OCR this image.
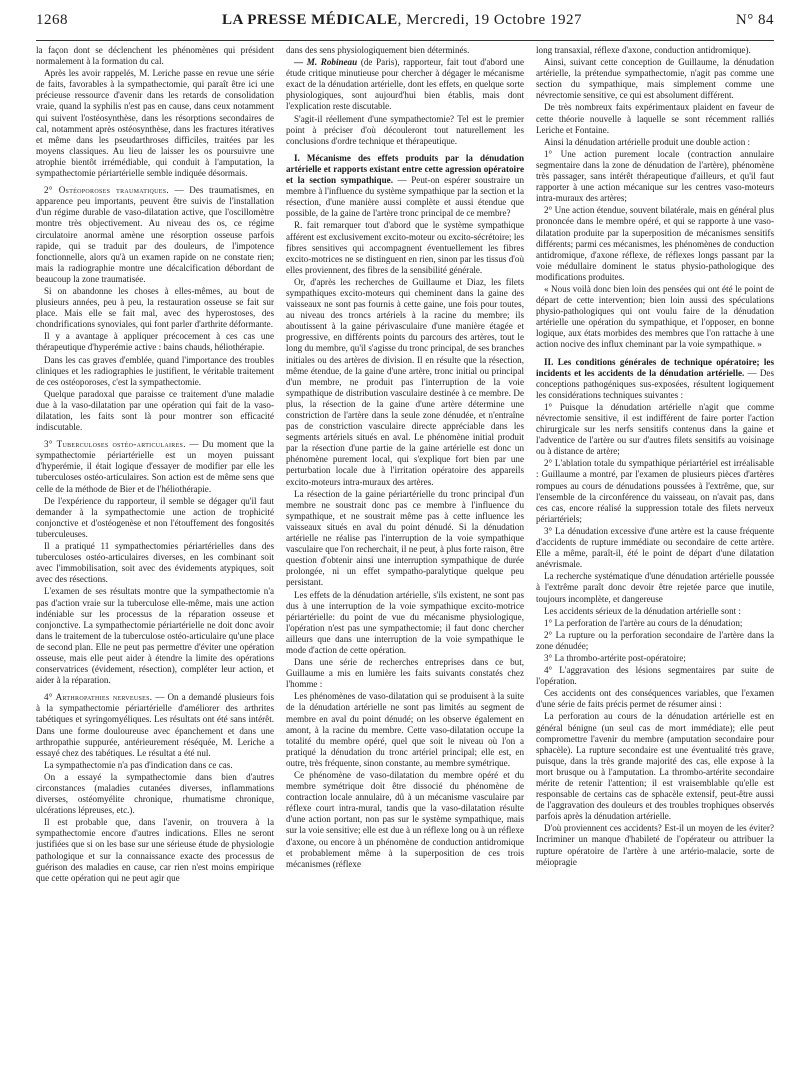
1268	LA PRESSE MÉDICALE, Mercredi, 19 Octobre 1927	N° 84

la façon dont se déclenchent les phénomènes qui président normalement à la formation du cal.

Après les avoir rappelés, M. Leriche passe en revue une série de faits, favorables à la sympathectomie, qui paraît être ici une précieuse ressource d'avenir dans les retards de consolidation vraie, quand la syphilis n'est pas en cause, dans ceux notamment qui suivent l'ostéosynthèse, dans les résorptions secondaires de cal, notamment après ostéosynthèse, dans les fractures itératives et même dans les pseudarthroses difficiles, traitées par les moyens classiques. Au lieu de laisser les os poursuivre une atrophie bientôt irrémédiable, qui conduit à l'amputation, la sympathectomie périartérielle semble indiquée désormais.

2° Ostéoporoses traumatiques. — Des traumatismes, en apparence peu importants, peuvent être suivis de l'installation d'un régime durable de vaso-dilatation active, que l'oscillomètre montre très objectivement. Au niveau des os, ce régime circulatoire anormal amène une résorption osseuse parfois rapide, qui se traduit par des douleurs, de l'impotence fonctionnelle, alors qu'à un examen rapide on ne constate rien; mais la radiographie montre une décalcification débordant de beaucoup la zone traumatisée.

Si on abandonne les choses à elles-mêmes, au bout de plusieurs années, peu à peu, la restauration osseuse se fait sur place. Mais elle se fait mal, avec des hyperostoses, des chondrifications synoviales, qui font parler d'arthrite déformante.

Il y a avantage à appliquer précocement à ces cas une thérapeutique d'hyperémie active : bains chauds, héliothérapie.

Dans les cas graves d'emblée, quand l'importance des troubles cliniques et les radiographies le justifient, le véritable traitement de ces ostéoporoses, c'est la sympathectomie.

Quelque paradoxal que paraisse ce traitement d'une maladie due à la vaso-dilatation par une opération qui fait de la vaso-dilatation, les faits sont là pour montrer son efficacité indiscutable.

3° Tuberculoses ostéo-articulaires. — Du moment que la sympathectomie périartérielle est un moyen puissant d'hyperémie, il était logique d'essayer de modifier par elle les tuberculoses ostéo-articulaires. Son action est de même sens que celle de la méthode de Bier et de l'héliothérapie.

De l'expérience du rapporteur, il semble se dégager qu'il faut demander à la sympathectomie une action de trophicité conjonctive et d'ostéogenèse et non l'étouffement des fongosités tuberculeuses.

Il a pratiqué 11 sympathectomies périartérielles dans des tuberculoses ostéo-articulaires diverses, en les combinant soit avec l'immobilisation, soit avec des évidements atypiques, soit avec des résections.

L'examen de ses résultats montre que la sympathectomie n'a pas d'action vraie sur la tuberculose elle-même, mais une action indéniable sur les processus de la réparation osseuse et conjonctive. La sympathectomie périartérielle ne doit donc avoir dans le traitement de la tuberculose ostéo-articulaire qu'une place de second plan. Elle ne peut pas permettre d'éviter une opération osseuse, mais elle peut aider à étendre la limite des opérations conservatrices (évidement, résection), compléter leur action, et aider à la réparation.

4° Arthropathies nerveuses. — On a demandé plusieurs fois à la sympathectomie périartérielle d'améliorer des arthrites tabétiques et syringomyéliques. Les résultats ont été sans intérêt. Dans une forme douloureuse avec épanchement et dans une arthropathie suppurée, antérieurement réséquée, M. Leriche a essayé chez des tabétiques. Le résultat a été nul.

La sympathectomie n'a pas d'indication dans ce cas.

On a essayé la sympathectomie dans bien d'autres circonstances (maladies cutanées diverses, inflammations diverses, ostéomyélite chronique, rhumatisme chronique, ulcérations lépreuses, etc.).

Il est probable que, dans l'avenir, on trouvera à la sympathectomie encore d'autres indications. Elles ne seront justifiées que si on les base sur une sérieuse étude de physiologie pathologique et sur la connaissance exacte des processus de guérison des maladies en cause, car rien n'est moins empirique que cette opération qui ne peut agir que

dans des sens physiologiquement bien déterminés.

— M. Robineau (de Paris), rapporteur, fait tout d'abord une étude critique minutieuse pour chercher à dégager le mécanisme exact de la dénudation artérielle, dont les effets, en quelque sorte physiologiques, sont aujourd'hui bien établis, mais dont l'explication reste discutable.

S'agit-il réellement d'une sympathectomie? Tel est le premier point à préciser d'où découleront tout naturellement les conclusions d'ordre technique et thérapeutique.

I. Mécanisme des effets produits par la dénudation artérielle et rapports existant entre cette agression opératoire et la section sympathique. — Peut-on espérer soustraire un membre à l'influence du système sympathique par la section et la résection, d'une manière aussi complète et aussi étendue que possible, de la gaine de l'artère tronc principal de ce membre?

R. fait remarquer tout d'abord que le système sympathique afférent est exclusivement excito-moteur ou excito-sécrétoire; les fibres sensitives qui accompagnent éventuellement les fibres excito-motrices ne se distinguent en rien, sinon par les tissus d'où elles proviennent, des fibres de la sensibilité générale.

Or, d'après les recherches de Guillaume et Diaz, les filets sympathiques excito-moteurs qui cheminent dans la gaine des vaisseaux ne sont pas fournis à cette gaine, une fois pour toutes, au niveau des troncs artériels à la racine du membre; ils aboutissent à la gaine périvasculaire d'une manière étagée et progressive, en différents points du parcours des artères, tout le long du membre, qu'il s'agisse du tronc principal, de ses branches initiales ou des artères de division. Il en résulte que la résection, même étendue, de la gaine d'une artère, tronc initial ou principal d'un membre, ne produit pas l'interruption de la voie sympathique de distribution vasculaire destinée à ce membre. De plus, la résection de la gaine d'une artère détermine une constriction de l'artère dans la seule zone dénudée, et n'entraîne pas de constriction vasculaire directe appréciable dans les segments artériels situés en aval. Le phénomène initial produit par la résection d'une partie de la gaine artérielle est donc un phénomène purement local, qui s'explique fort bien par une perturbation locale due à l'irritation opératoire des appareils excito-moteurs intra-muraux des artères.

La résection de la gaine périartérielle du tronc principal d'un membre ne soustrait donc pas ce membre à l'influence du sympathique, et ne soustrait même pas à cette influence les vaisseaux situés en aval du point dénudé. Si la dénudation artérielle ne réalise pas l'interruption de la voie sympathique vasculaire que l'on recherchait, il ne peut, à plus forte raison, être question d'obtenir ainsi une interruption sympathique de durée prolongée, ni un effet sympatho-paralytique quelque peu persistant.

Les effets de la dénudation artérielle, s'ils existent, ne sont pas dus à une interruption de la voie sympathique excito-motrice périartérielle: du point de vue du mécanisme physiologique, l'opération n'est pas une sympathectomie; il faut donc chercher ailleurs que dans une interruption de la voie sympathique le mode d'action de cette opération.

Dans une série de recherches entreprises dans ce but, Guillaume a mis en lumière les faits suivants constatés chez l'homme :

Les phénomènes de vaso-dilatation qui se produisent à la suite de la dénudation artérielle ne sont pas limités au segment de membre en aval du point dénudé; on les observe également en amont, à la racine du membre. Cette vaso-dilatation occupe la totalité du membre opéré, quel que soit le niveau où l'on a pratiqué la dénudation du tronc artériel principal; elle est, en outre, très fréquente, sinon constante, au membre symétrique.

Ce phénomène de vaso-dilatation du membre opéré et du membre symétrique doit être dissocié du phénomène de contraction locale annulaire, dû à un mécanisme vasculaire par réflexe court intra-mural, tandis que la vaso-dilatation résulte d'une action portant, non pas sur le système sympathique, mais sur la voie sensitive; elle est due à un réflexe long ou à un réflexe d'axone, ou encore à un phénomène de conduction antidromique et probablement même à la superposition de ces trois mécanismes (réflexe

long transaxial, réflexe d'axone, conduction antidromique).

Ainsi, suivant cette conception de Guillaume, la dénudation artérielle, la prétendue sympathectomie, n'agit pas comme une section du sympathique, mais simplement comme une névrectomie sensitive, ce qui est absolument différent.

De très nombreux faits expérimentaux plaident en faveur de cette théorie nouvelle à laquelle se sont récemment ralliés Leriche et Fontaine.

Ainsi la dénudation artérielle produit une double action :

1° Une action purement locale (contraction annulaire segmentaire dans la zone de dénudation de l'artère), phénomène très passager, sans intérêt thérapeutique d'ailleurs, et qu'il faut rapporter à une action mécanique sur les centres vaso-moteurs intra-muraux des artères;

2° Une action étendue, souvent bilatérale, mais en général plus prononcée dans le membre opéré, et qui se rapporte à une vaso-dilatation produite par la superposition de mécanismes sensitifs différents; parmi ces mécanismes, les phénomènes de conduction antidromique, d'axone réflexe, de réflexes longs passant par la voie médullaire dominent le status physio-pathologique des modifications produites.

« Nous voilà donc bien loin des pensées qui ont été le point de départ de cette intervention; bien loin aussi des spéculations physio-pathologiques qui ont voulu faire de la dénudation artérielle une opération du sympathique, et l'opposer, en bonne logique, aux états morbides des membres que l'on rattache à une action nocive des influx cheminant par la voie sympathique. »

II. Les conditions générales de technique opératoire; les incidents et les accidents de la dénudation artérielle. — Des conceptions pathogéniques sus-exposées, résultent logiquement les considérations techniques suivantes :

1° Puisque la dénudation artérielle n'agit que comme névrectomie sensitive, il est indifférent de faire porter l'action chirurgicale sur les nerfs sensitifs contenus dans la gaine et l'adventice de l'artère ou sur d'autres filets sensitifs au voisinage ou à distance de artère;

2° L'ablation totale du sympathique périartériel est irréalisable : Guillaume a montré, par l'examen de plusieurs pièces d'artères rompues au cours de dénudations poussées à l'extrême, que, sur l'ensemble de la circonférence du vaisseau, on n'avait pas, dans ces cas, encore réalisé la suppression totale des filets nerveux périartériels;

3° La dénudation excessive d'une artère est la cause fréquente d'accidents de rupture immédiate ou secondaire de cette artère. Elle a même, paraît-il, été le point de départ d'une dilatation anévrismale.

La recherche systématique d'une dénudation artérielle poussée à l'extrême paraît donc devoir être rejetée parce que inutile, toujours incomplète, et dangereuse

Les accidents sérieux de la dénudation artérielle sont :

1° La perforation de l'artère au cours de la dénudation;

2° La rupture ou la perforation secondaire de l'artère dans la zone dénudée;

3° La thrombo-artérite post-opératoire;

4° L'aggravation des lésions segmentaires par suite de l'opération.

Ces accidents ont des conséquences variables, que l'examen d'une série de faits précis permet de résumer ainsi :

La perforation au cours de la dénudation artérielle est en général bénigne (un seul cas de mort immédiate); elle peut compromettre l'avenir du membre (amputation secondaire pour sphacèle). La rupture secondaire est une éventualité très grave, puisque, dans la très grande majorité des cas, elle expose à la mort brusque ou à l'amputation. La thrombo-artérite secondaire mérite de retenir l'attention; il est vraisemblable qu'elle est responsable de certains cas de sphacèle extensif, peut-être aussi de l'aggravation des douleurs et des troubles trophiques observés parfois après la dénudation artérielle.

D'où proviennent ces accidents? Est-il un moyen de les éviter? Incriminer un manque d'habileté de l'opérateur ou attribuer la rupture opératoire de l'artère à une artério-malacie, sorte de méiopragie
